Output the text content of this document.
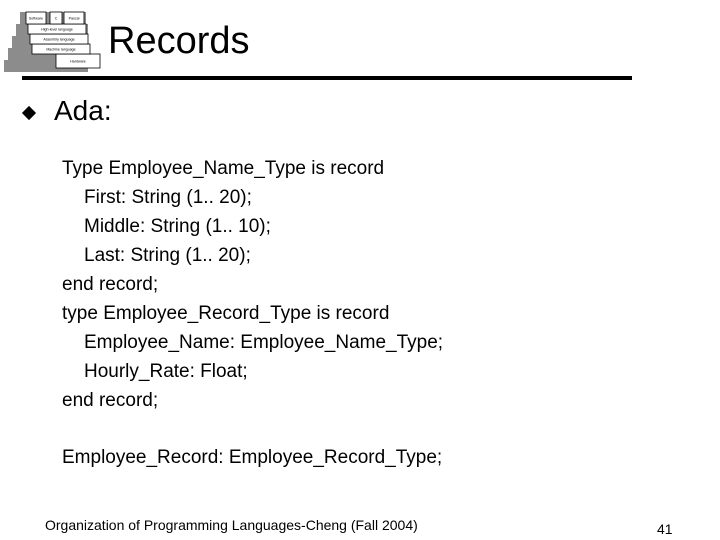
Software	C	Pascal
High-level language
Assembly language
Machine language
Hardware Records
Ada:
Type Employee_Name_Type is record
First: String (1.. 20);
Middle: String (1.. 10);
Last: String (1.. 20);
end record;
type Employee_Record_Type is record
Employee_Name: Employee_Name_Type;
Hourly_Rate: Float;
end record;
Employee_Record: Employee_Record_Type;
Organization of Programming Languages-Cheng (Fall 2004)	41
